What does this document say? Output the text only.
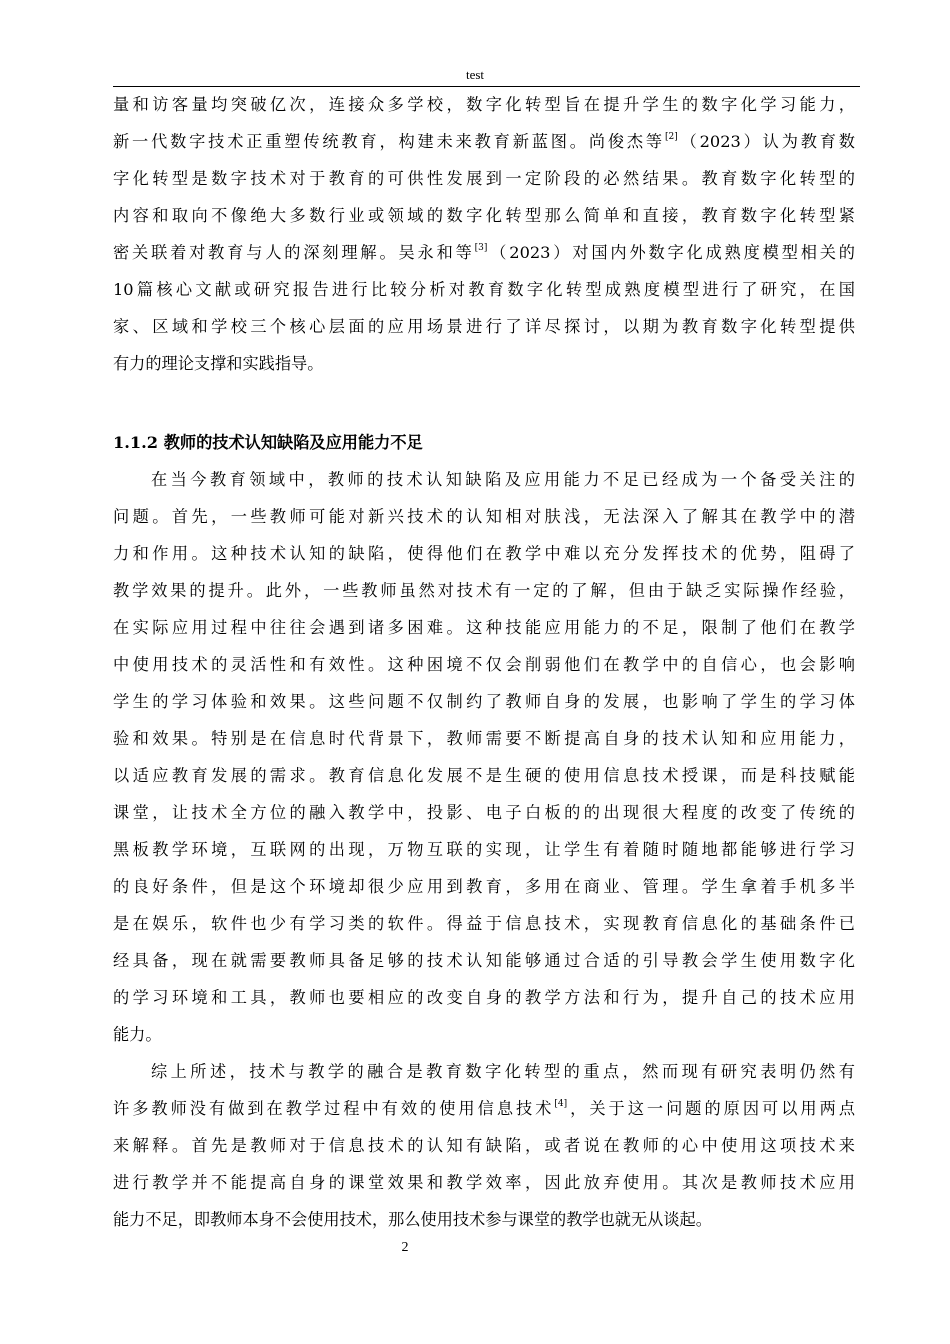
test
量和访客量均突破亿次，连接众多学校，数字化转型旨在提升学生的数字化学习能力，
新一代数字技术正重塑传统教育，构建未来教育新蓝图。尚俊杰等[2]（2023）认为教育数
字化转型是数字技术对于教育的可供性发展到一定阶段的必然结果。教育数字化转型的
内容和取向不像绝大多数行业或领域的数字化转型那么简单和直接，教育数字化转型紧
密关联着对教育与人的深刻理解。吴永和等[3]（2023）对国内外数字化成熟度模型相关的
10篇核心文献或研究报告进行比较分析对教育数字化转型成熟度模型进行了研究，在国
家、区域和学校三个核心层面的应用场景进行了详尽探讨，以期为教育数字化转型提供
有力的理论支撑和实践指导。
1.1.2 教师的技术认知缺陷及应用能力不足
在当今教育领域中，教师的技术认知缺陷及应用能力不足已经成为一个备受关注的
问题。首先，一些教师可能对新兴技术的认知相对肤浅，无法深入了解其在教学中的潜
力和作用。这种技术认知的缺陷，使得他们在教学中难以充分发挥技术的优势，阻碍了
教学效果的提升。此外，一些教师虽然对技术有一定的了解，但由于缺乏实际操作经验，
在实际应用过程中往往会遇到诸多困难。这种技能应用能力的不足，限制了他们在教学
中使用技术的灵活性和有效性。这种困境不仅会削弱他们在教学中的自信心，也会影响
学生的学习体验和效果。这些问题不仅制约了教师自身的发展，也影响了学生的学习体
验和效果。特别是在信息时代背景下，教师需要不断提高自身的技术认知和应用能力，
以适应教育发展的需求。教育信息化发展不是生硬的使用信息技术授课，而是科技赋能
课堂，让技术全方位的融入教学中，投影、电子白板的的出现很大程度的改变了传统的
黑板教学环境，互联网的出现，万物互联的实现，让学生有着随时随地都能够进行学习
的良好条件，但是这个环境却很少应用到教育，多用在商业、管理。学生拿着手机多半
是在娱乐，软件也少有学习类的软件。得益于信息技术，实现教育信息化的基础条件已
经具备，现在就需要教师具备足够的技术认知能够通过合适的引导教会学生使用数字化
的学习环境和工具，教师也要相应的改变自身的教学方法和行为，提升自己的技术应用
能力。
综上所述，技术与教学的融合是教育数字化转型的重点，然而现有研究表明仍然有
许多教师没有做到在教学过程中有效的使用信息技术[4]，关于这一问题的原因可以用两点
来解释。首先是教师对于信息技术的认知有缺陷，或者说在教师的心中使用这项技术来
进行教学并不能提高自身的课堂效果和教学效率，因此放弃使用。其次是教师技术应用
能力不足，即教师本身不会使用技术，那么使用技术参与课堂的教学也就无从谈起。
2
